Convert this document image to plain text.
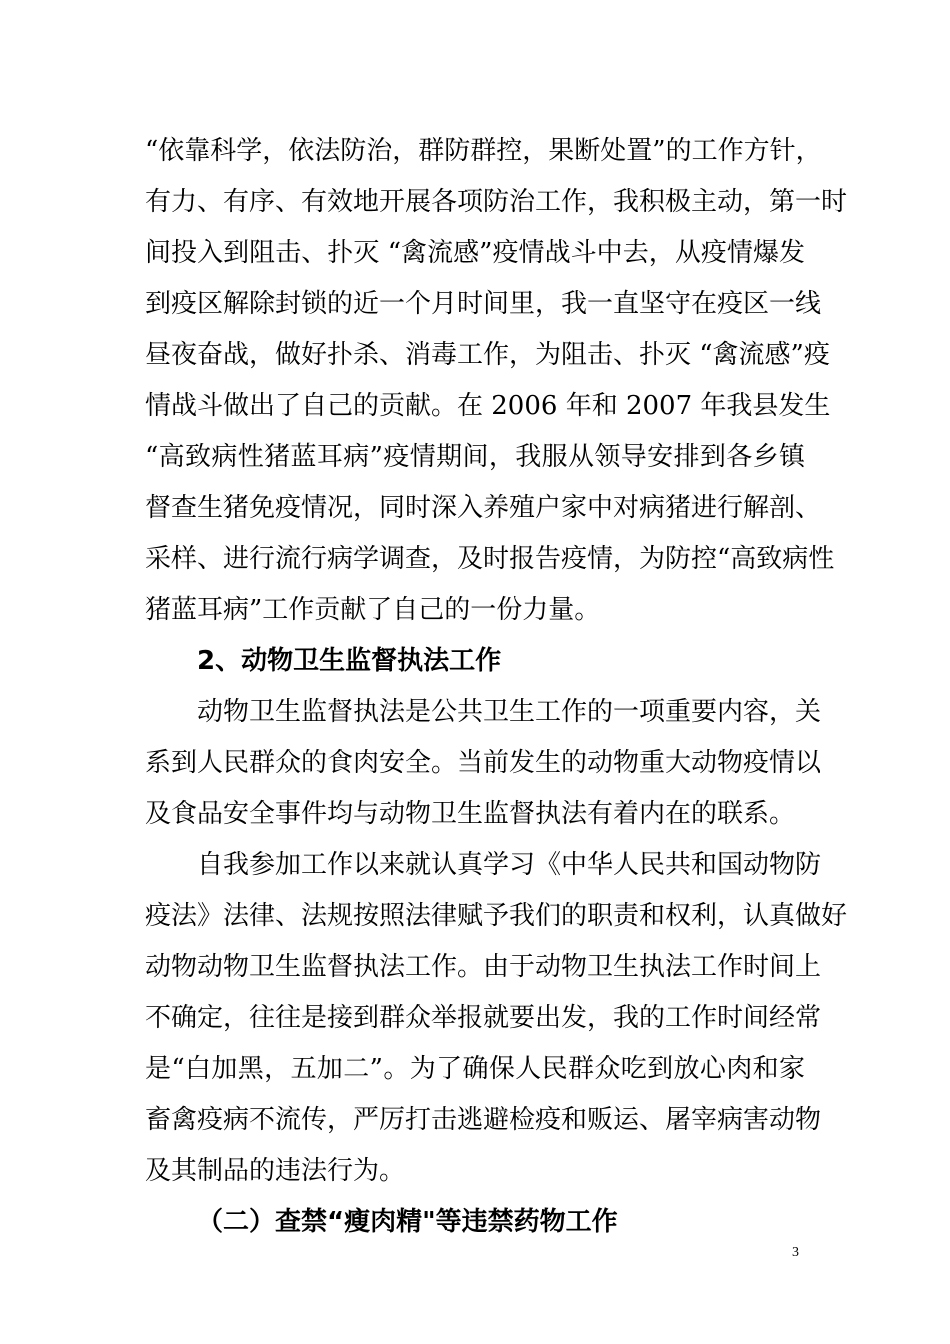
“依靠科学，依法防治，群防群控，果断处置”的工作方针，
有力、有序、有效地开展各项防治工作，我积极主动，第一时
间投入到阻击、扑灭 “禽流感”疫情战斗中去，从疫情爆发
到疫区解除封锁的近一个月时间里，我一直坚守在疫区一线
昼夜奋战，做好扑杀、消毒工作，为阻击、扑灭 “禽流感”疫
情战斗做出了自己的贡献。在 2006 年和 2007 年我县发生
“高致病性猪蓝耳病”疫情期间，我服从领导安排到各乡镇
督查生猪免疫情况，同时深入养殖户家中对病猪进行解剖、
采样、进行流行病学调查，及时报告疫情，为防控“高致病性
猪蓝耳病”工作贡献了自己的一份力量。
2、动物卫生监督执法工作
动物卫生监督执法是公共卫生工作的一项重要内容，关
系到人民群众的食肉安全。当前发生的动物重大动物疫情以
及食品安全事件均与动物卫生监督执法有着内在的联系。
自我参加工作以来就认真学习《中华人民共和国动物防
疫法》法律、法规按照法律赋予我们的职责和权利，认真做好
动物动物卫生监督执法工作。由于动物卫生执法工作时间上
不确定，往往是接到群众举报就要出发，我的工作时间经常
是“白加黑，五加二”。为了确保人民群众吃到放心肉和家
畜禽疫病不流传，严厉打击逃避检疫和贩运、屠宰病害动物
及其制品的违法行为。
（二）查禁“瘦肉精"等违禁药物工作
3
